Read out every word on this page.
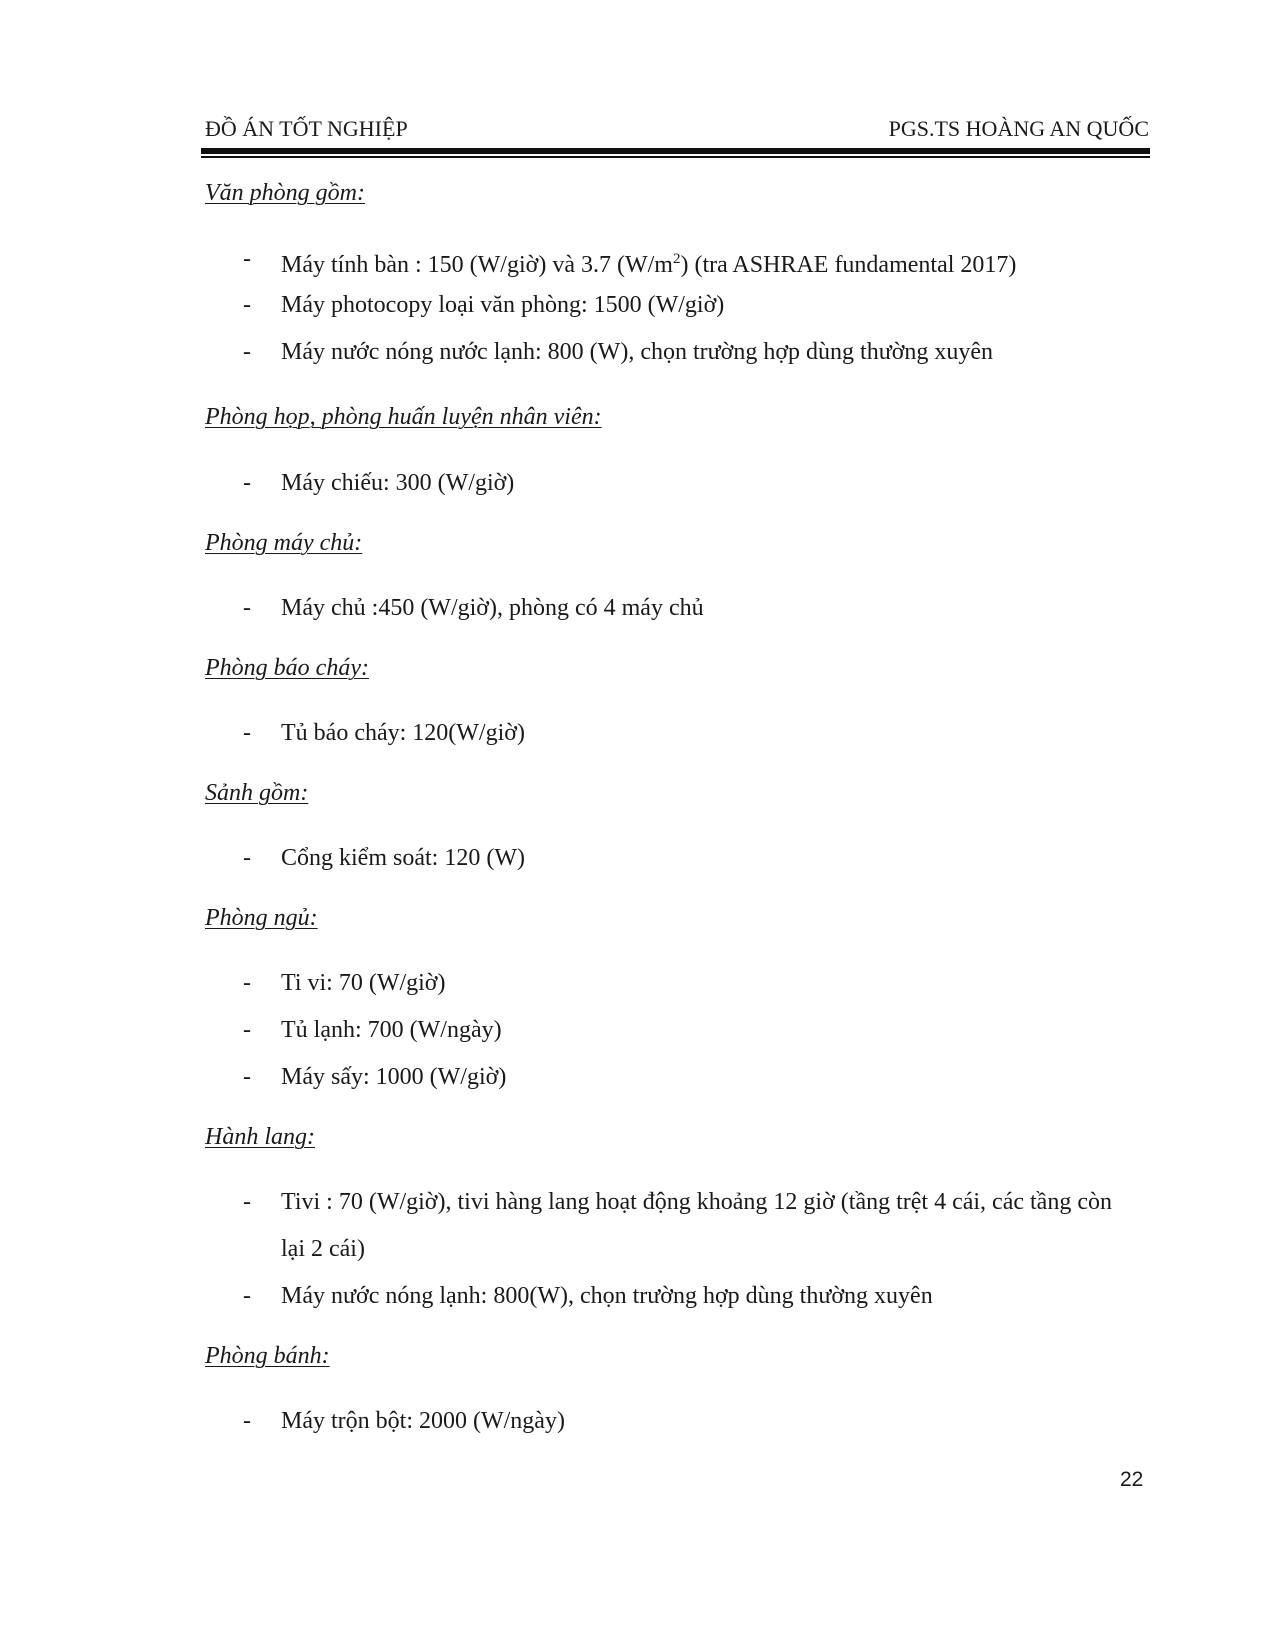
ĐỒ ÁN TỐT NGHIỆP	PGS.TS HOÀNG AN QUỐC
Văn phòng gồm:
- Máy tính bàn : 150 (W/giờ) và 3.7 $(W/m^2)$ (tra ASHRAE fundamental 2017)
- Máy photocopy loại văn phòng: 1500 (W/giờ)
- Máy nước nóng nước lạnh: 800 (W), chọn trường hợp dùng thường xuyên
Phòng họp, phòng huấn luyện nhân viên:
- Máy chiếu: 300 (W/giờ)
Phòng máy chủ:
- Máy chủ :450 (W/giờ), phòng có 4 máy chủ
Phòng báo cháy:
- Tủ báo cháy: 120(W/giờ)
Sảnh gồm:
- Cổng kiểm soát: 120 (W)
Phòng ngủ:
- Ti vi: 70 (W/giờ)
- Tủ lạnh: 700 (W/ngày)
- Máy sấy: 1000 (W/giờ)
Hành lang:
- Tivi : 70 (W/giờ), tivi hàng lang hoạt động khoảng 12 giờ (tầng trệt 4 cái, các tầng còn lại 2 cái)
- Máy nước nóng lạnh: 800(W), chọn trường hợp dùng thường xuyên
Phòng bánh:
- Máy trộn bột: 2000 (W/ngày)
22
